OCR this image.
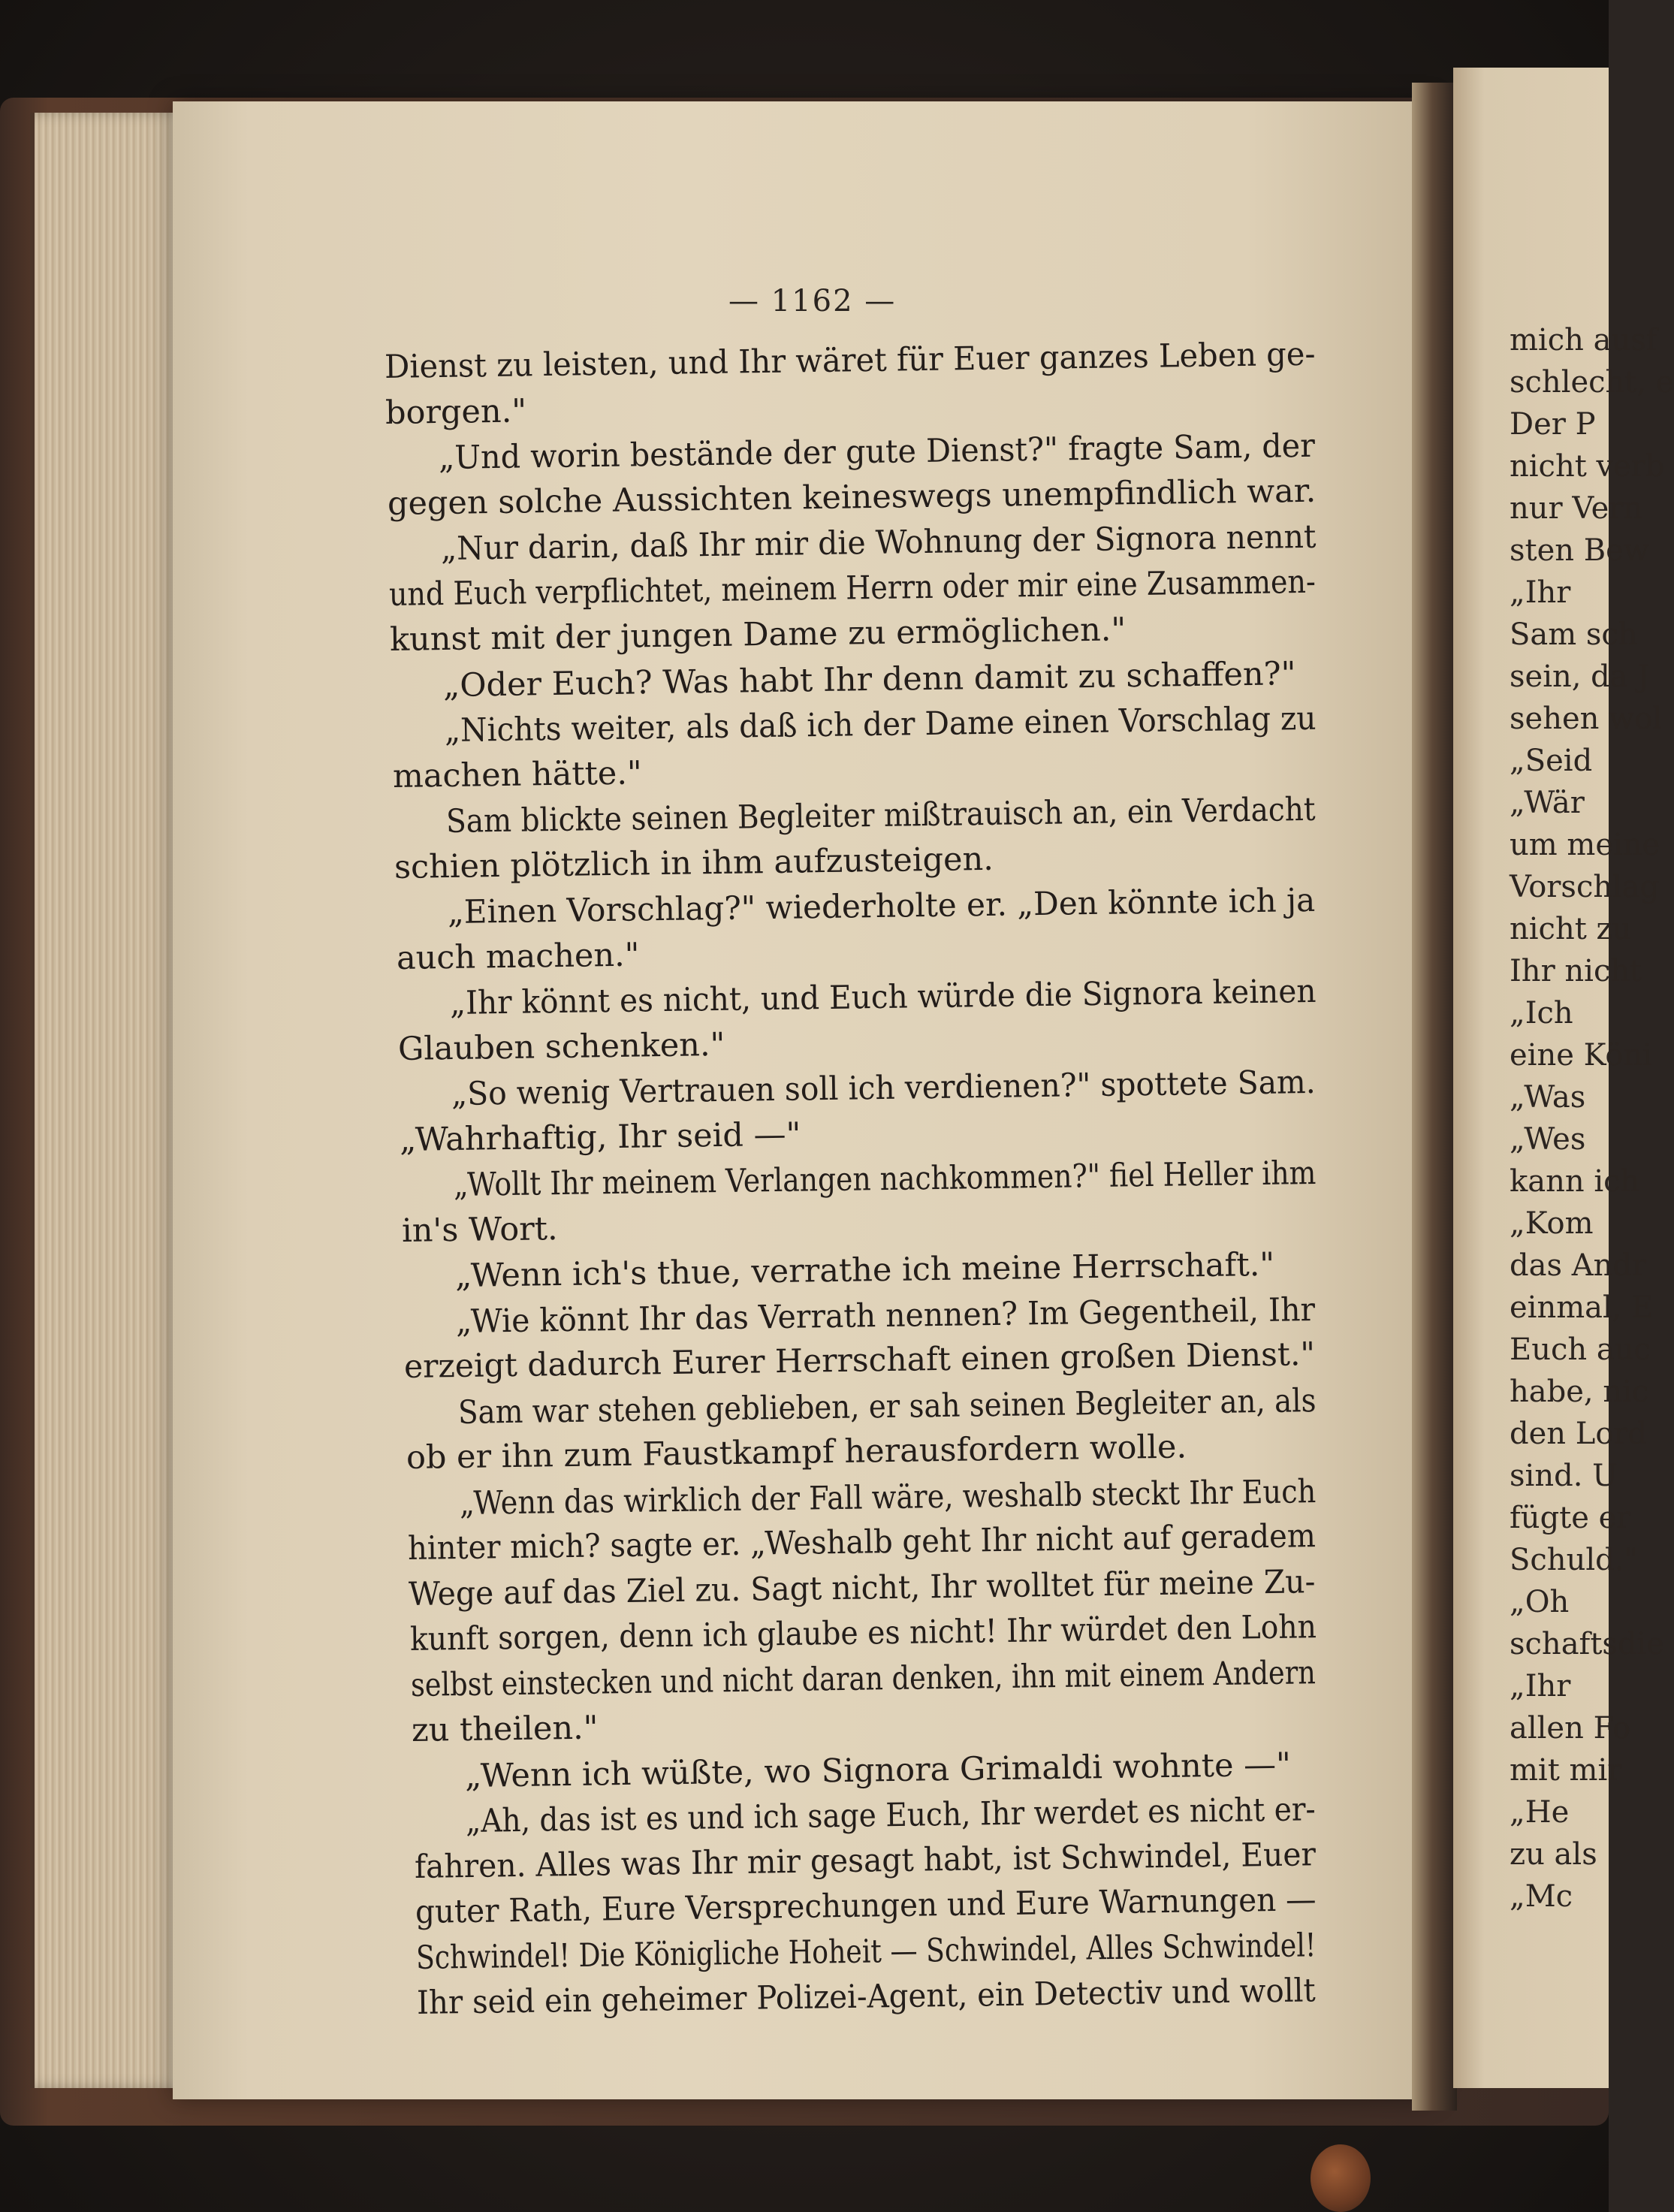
mich ausf
schlecht, e
Der P
nicht verb
nur Vern
sten Bew
„Ihr
Sam sch
sein, da J
sehen wol
„Seid
„Wär
um meine
Vorschlag
nicht zu
Ihr nicht
„Ich
eine Köni
„Was
„Wes
kann ich
„Kom
das Andr
einmal, E
Euch auc
habe, nic
den Lord
sind. U
fügte er
Schuld."
„Oh
schaftsdie
„Ihr
allen Fo
mit mir
„He
zu als
„Mc
— 1162 —
Dienst zu leisten, und Ihr wäret für Euer ganzes Leben ge-
borgen."
„Und worin bestände der gute Dienst?" fragte Sam, der
gegen solche Aussichten keineswegs unempfindlich war.
„Nur darin, daß Ihr mir die Wohnung der Signora nennt
und Euch verpflichtet, meinem Herrn oder mir eine Zusammen-
kunst mit der jungen Dame zu ermöglichen."
„Oder Euch? Was habt Ihr denn damit zu schaffen?"
„Nichts weiter, als daß ich der Dame einen Vorschlag zu
machen hätte."
Sam blickte seinen Begleiter mißtrauisch an, ein Verdacht
schien plötzlich in ihm aufzusteigen.
„Einen Vorschlag?" wiederholte er. „Den könnte ich ja
auch machen."
„Ihr könnt es nicht, und Euch würde die Signora keinen
Glauben schenken."
„So wenig Vertrauen soll ich verdienen?" spottete Sam.
„Wahrhaftig, Ihr seid —"
„Wollt Ihr meinem Verlangen nachkommen?" fiel Heller ihm
in's Wort.
„Wenn ich's thue, verrathe ich meine Herrschaft."
„Wie könnt Ihr das Verrath nennen? Im Gegentheil, Ihr
erzeigt dadurch Eurer Herrschaft einen großen Dienst."
Sam war stehen geblieben, er sah seinen Begleiter an, als
ob er ihn zum Faustkampf herausfordern wolle.
„Wenn das wirklich der Fall wäre, weshalb steckt Ihr Euch
hinter mich? sagte er. „Weshalb geht Ihr nicht auf geradem
Wege auf das Ziel zu. Sagt nicht, Ihr wolltet für meine Zu-
kunft sorgen, denn ich glaube es nicht! Ihr würdet den Lohn
selbst einstecken und nicht daran denken, ihn mit einem Andern
zu theilen."
„Wenn ich wüßte, wo Signora Grimaldi wohnte —"
„Ah, das ist es und ich sage Euch, Ihr werdet es nicht er-
fahren. Alles was Ihr mir gesagt habt, ist Schwindel, Euer
guter Rath, Eure Versprechungen und Eure Warnungen —
Schwindel! Die Königliche Hoheit — Schwindel, Alles Schwindel!
Ihr seid ein geheimer Polizei-Agent, ein Detectiv und wollt
